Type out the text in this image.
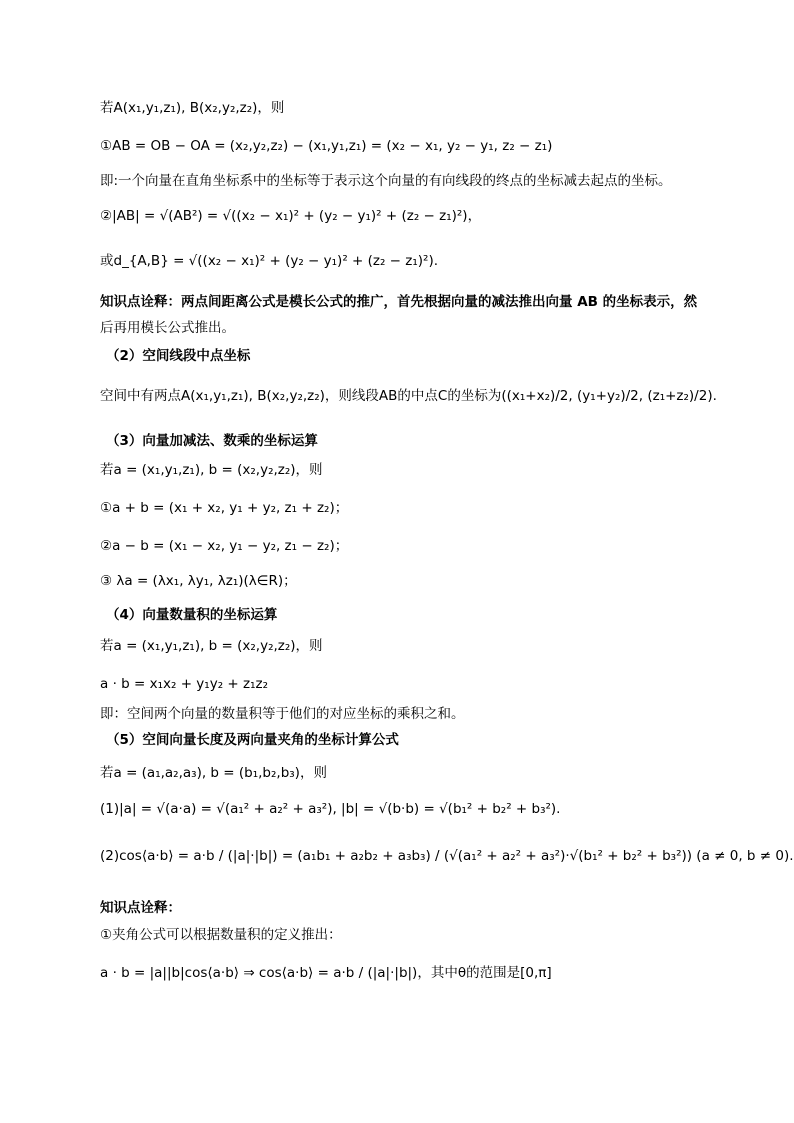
若A(x₁,y₁,z₁), B(x₂,y₂,z₂)，则
①AB = OB − OA = (x₂,y₂,z₂) − (x₁,y₁,z₁) = (x₂ − x₁, y₂ − y₁, z₂ − z₁)
即:一个向量在直角坐标系中的坐标等于表示这个向量的有向线段的终点的坐标减去起点的坐标。
②|AB| = √(AB²) = √((x₂ − x₁)² + (y₂ − y₁)² + (z₂ − z₁)²)，
或d_{A,B} = √((x₂ − x₁)² + (y₂ − y₁)² + (z₂ − z₁)²).
知识点诠释：两点间距离公式是模长公式的推广，首先根据向量的减法推出向量 AB 的坐标表示，然
后再用模长公式推出。
（2）空间线段中点坐标
空间中有两点A(x₁,y₁,z₁), B(x₂,y₂,z₂)，则线段AB的中点C的坐标为((x₁+x₂)/2, (y₁+y₂)/2, (z₁+z₂)/2).
（3）向量加减法、数乘的坐标运算
若a = (x₁,y₁,z₁), b = (x₂,y₂,z₂)，则
①a + b = (x₁ + x₂, y₁ + y₂, z₁ + z₂)；
②a − b = (x₁ − x₂, y₁ − y₂, z₁ − z₂)；
③ λa = (λx₁, λy₁, λz₁)(λ∈R)；
（4）向量数量积的坐标运算
若a = (x₁,y₁,z₁), b = (x₂,y₂,z₂)，则
a · b = x₁x₂ + y₁y₂ + z₁z₂
即：空间两个向量的数量积等于他们的对应坐标的乘积之和。
（5）空间向量长度及两向量夹角的坐标计算公式
若a = (a₁,a₂,a₃), b = (b₁,b₂,b₃)，则
(1)|a| = √(a·a) = √(a₁² + a₂² + a₃²), |b| = √(b·b) = √(b₁² + b₂² + b₃²).
(2)cos⟨a·b⟩ = a·b / (|a|·|b|) = (a₁b₁ + a₂b₂ + a₃b₃) / (√(a₁² + a₂² + a₃²)·√(b₁² + b₂² + b₃²)) (a ≠ 0, b ≠ 0).
知识点诠释：
①夹角公式可以根据数量积的定义推出：
a · b = |a||b|cos⟨a·b⟩ ⇒ cos⟨a·b⟩ = a·b / (|a|·|b|)，其中θ的范围是[0,π]
